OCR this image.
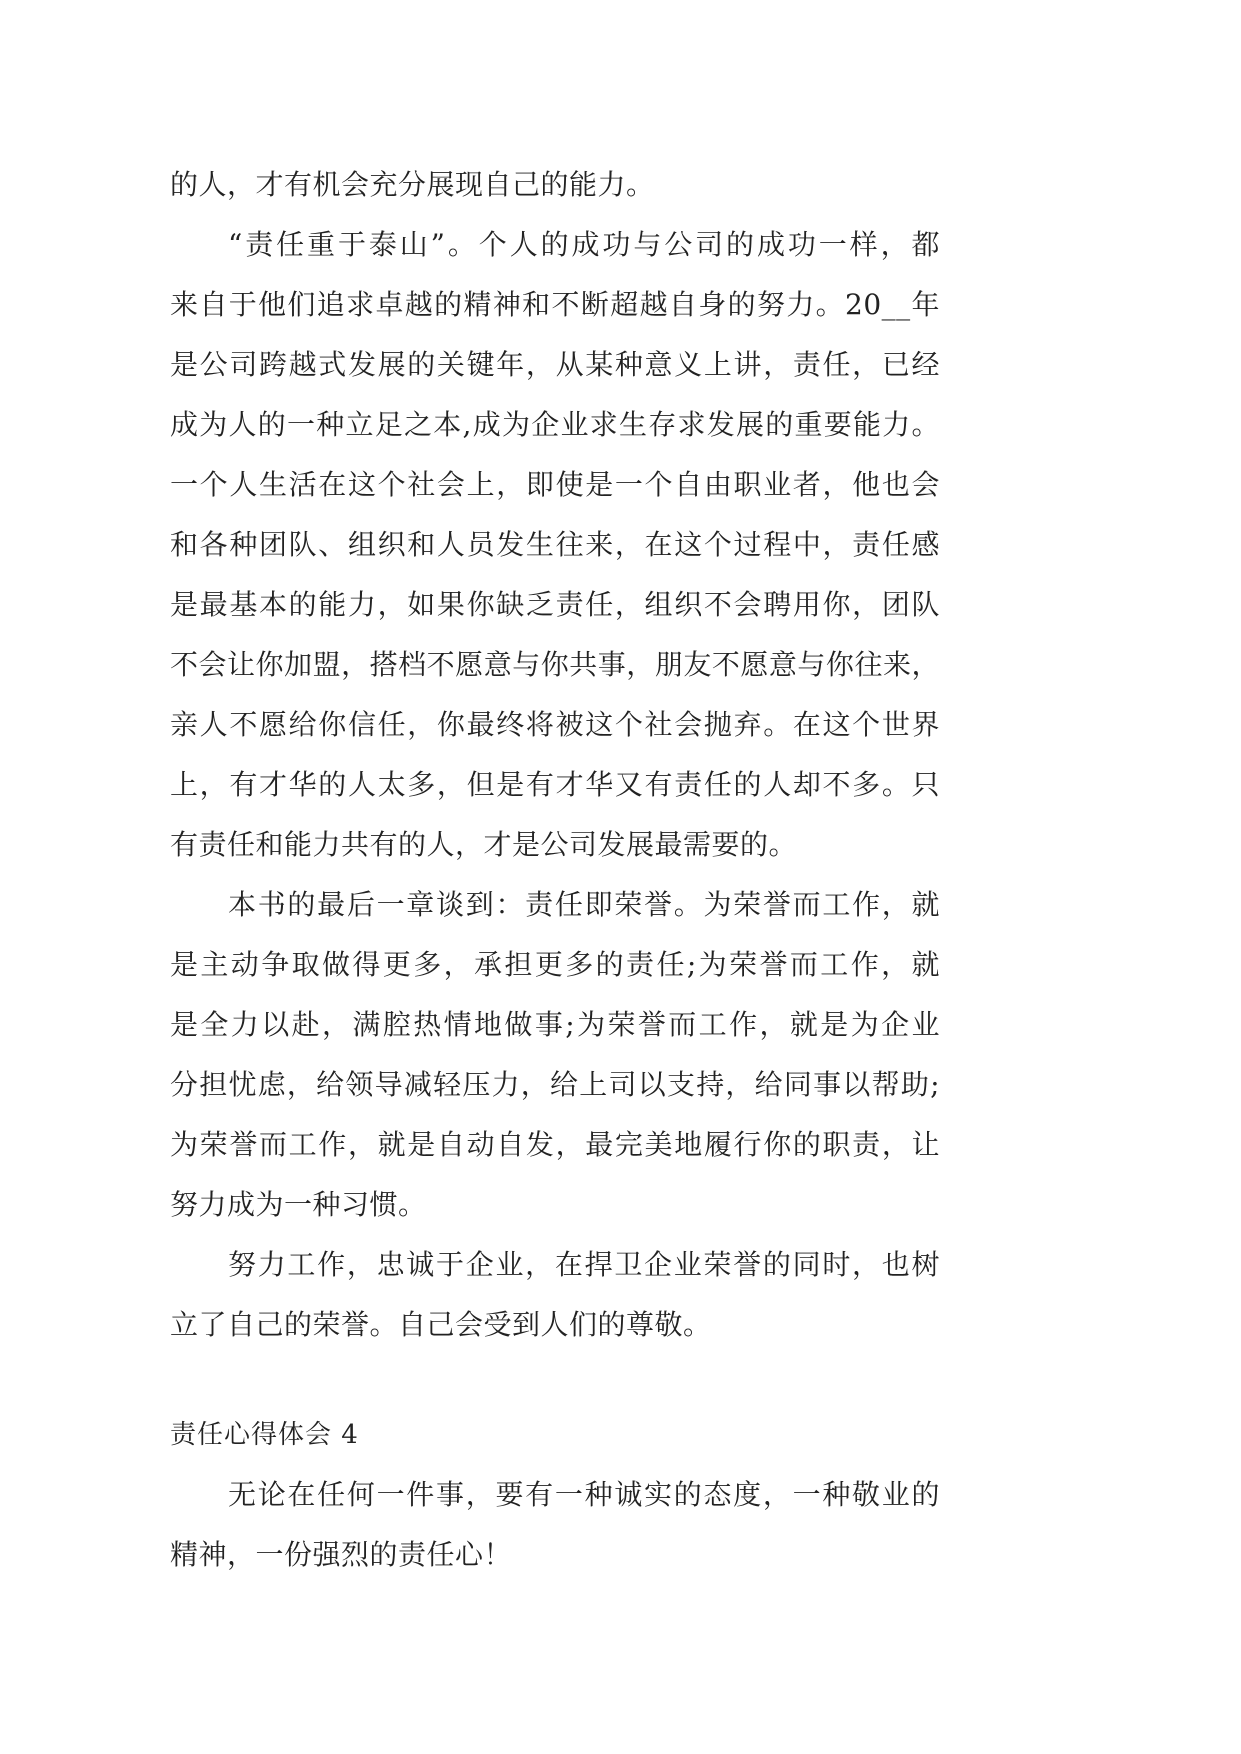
的人，才有机会充分展现自己的能力。
“责任重于泰山”。个人的成功与公司的成功一样，都
来自于他们追求卓越的精神和不断超越自身的努力。20__年
是公司跨越式发展的关键年，从某种意义上讲，责任，已经
成为人的一种立足之本,成为企业求生存求发展的重要能力。
一个人生活在这个社会上，即使是一个自由职业者，他也会
和各种团队、组织和人员发生往来，在这个过程中，责任感
是最基本的能力，如果你缺乏责任，组织不会聘用你，团队
不会让你加盟，搭档不愿意与你共事，朋友不愿意与你往来，
亲人不愿给你信任，你最终将被这个社会抛弃。在这个世界
上，有才华的人太多，但是有才华又有责任的人却不多。只
有责任和能力共有的人，才是公司发展最需要的。
本书的最后一章谈到：责任即荣誉。为荣誉而工作，就
是主动争取做得更多，承担更多的责任;为荣誉而工作，就
是全力以赴，满腔热情地做事;为荣誉而工作，就是为企业
分担忧虑，给领导减轻压力，给上司以支持，给同事以帮助;
为荣誉而工作，就是自动自发，最完美地履行你的职责，让
努力成为一种习惯。
努力工作，忠诚于企业，在捍卫企业荣誉的同时，也树
立了自己的荣誉。自己会受到人们的尊敬。
责任心得体会 4
无论在任何一件事，要有一种诚实的态度，一种敬业的
精神，一份强烈的责任心！
